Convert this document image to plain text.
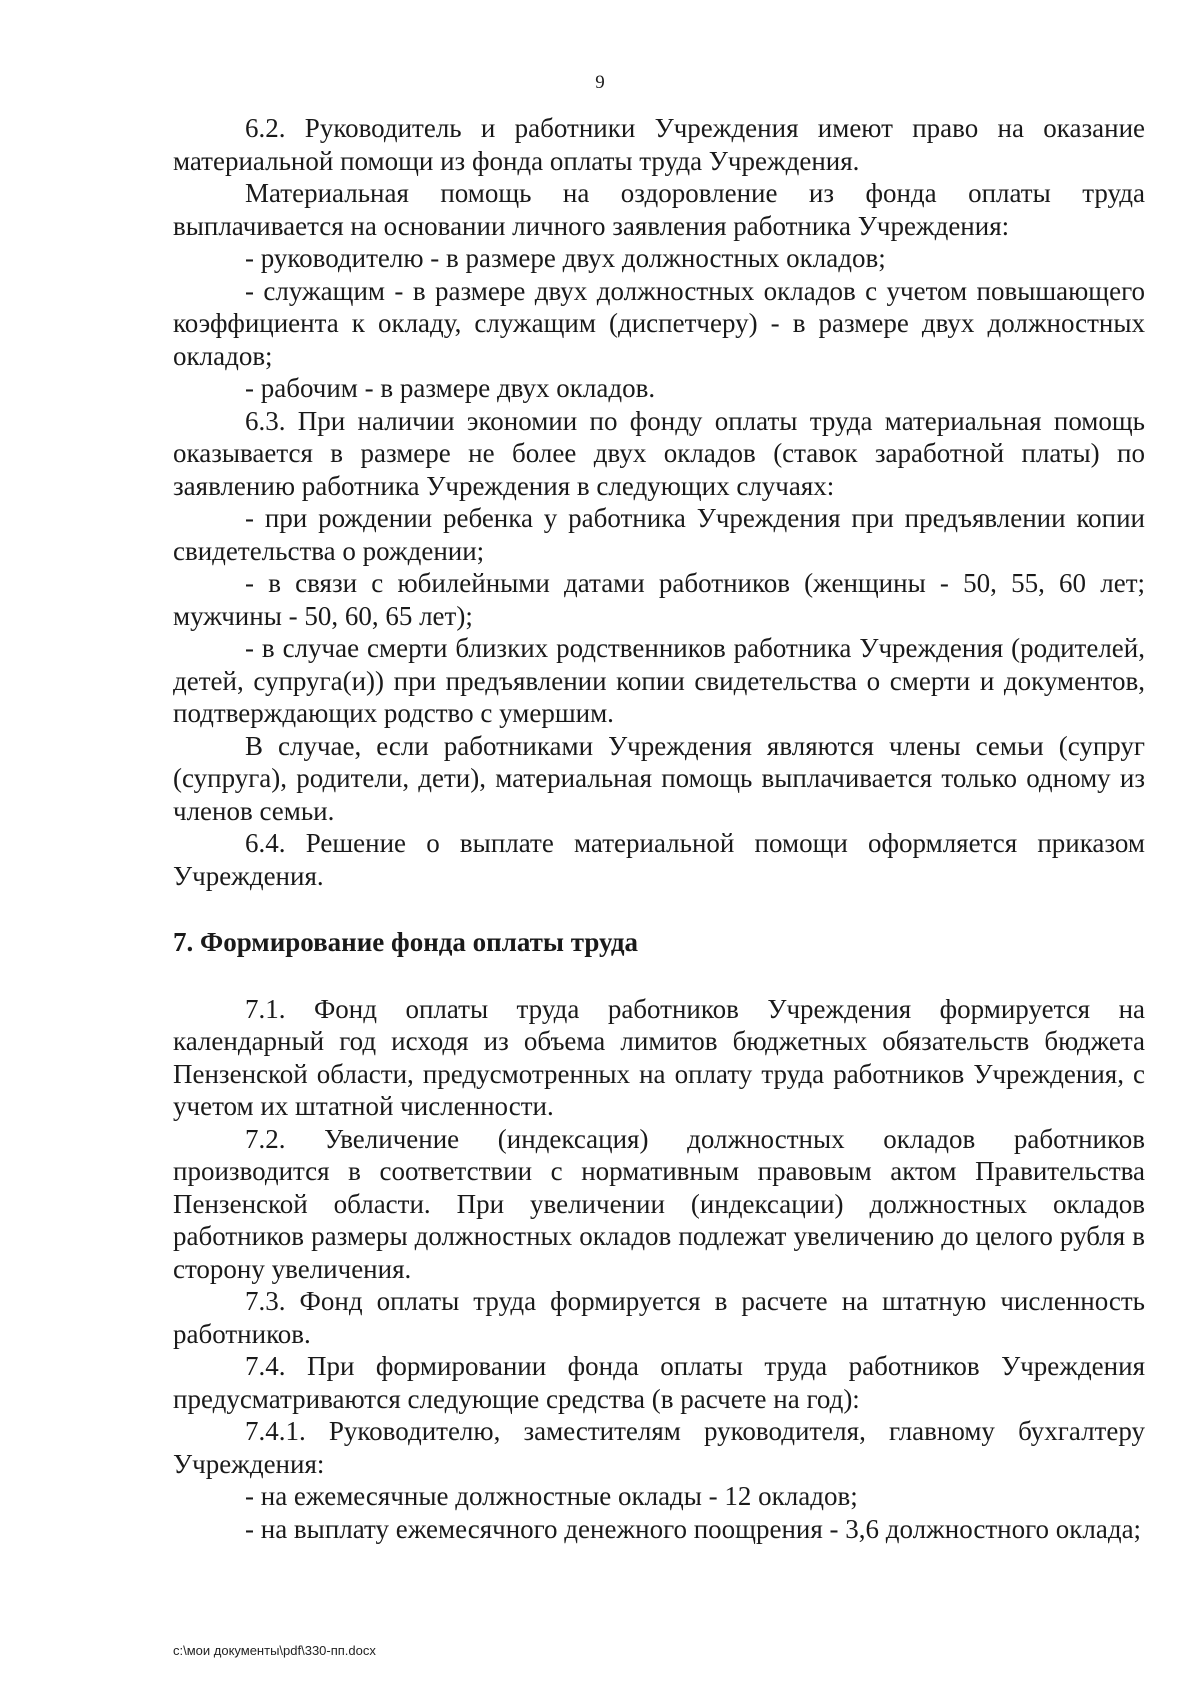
9

6.2. Руководитель и работники Учреждения имеют право на оказание материальной помощи из фонда оплаты труда Учреждения.

Материальная помощь на оздоровление из фонда оплаты труда выплачивается на основании личного заявления работника Учреждения:

- руководителю - в размере двух должностных окладов;

- служащим - в размере двух должностных окладов с учетом повышающего коэффициента к окладу, служащим (диспетчеру) - в размере двух должностных окладов;

- рабочим - в размере двух окладов.

6.3. При наличии экономии по фонду оплаты труда материальная помощь оказывается в размере не более двух окладов (ставок заработной платы) по заявлению работника Учреждения в следующих случаях:

- при рождении ребенка у работника Учреждения при предъявлении копии свидетельства о рождении;

- в связи с юбилейными датами работников (женщины - 50, 55, 60 лет; мужчины - 50, 60, 65 лет);

- в случае смерти близких родственников работника Учреждения (родителей, детей, супруга(и)) при предъявлении копии свидетельства о смерти и документов, подтверждающих родство с умершим.

В случае, если работниками Учреждения являются члены семьи (супруг (супруга), родители, дети), материальная помощь выплачивается только одному из членов семьи.

6.4. Решение о выплате материальной помощи оформляется приказом Учреждения.

7. Формирование фонда оплаты труда

7.1. Фонд оплаты труда работников Учреждения формируется на календарный год исходя из объема лимитов бюджетных обязательств бюджета Пензенской области, предусмотренных на оплату труда работников Учреждения, с учетом их штатной численности.

7.2. Увеличение (индексация) должностных окладов работников производится в соответствии с нормативным правовым актом Правительства Пензенской области. При увеличении (индексации) должностных окладов работников размеры должностных окладов подлежат увеличению до целого рубля в сторону увеличения.

7.3. Фонд оплаты труда формируется в расчете на штатную численность работников.

7.4. При формировании фонда оплаты труда работников Учреждения предусматриваются следующие средства (в расчете на год):

7.4.1. Руководителю, заместителям руководителя, главному бухгалтеру Учреждения:

- на ежемесячные должностные оклады - 12 окладов;

- на выплату ежемесячного денежного поощрения - 3,6 должностного оклада;

c:\мои документы\pdf\330-пп.docx
